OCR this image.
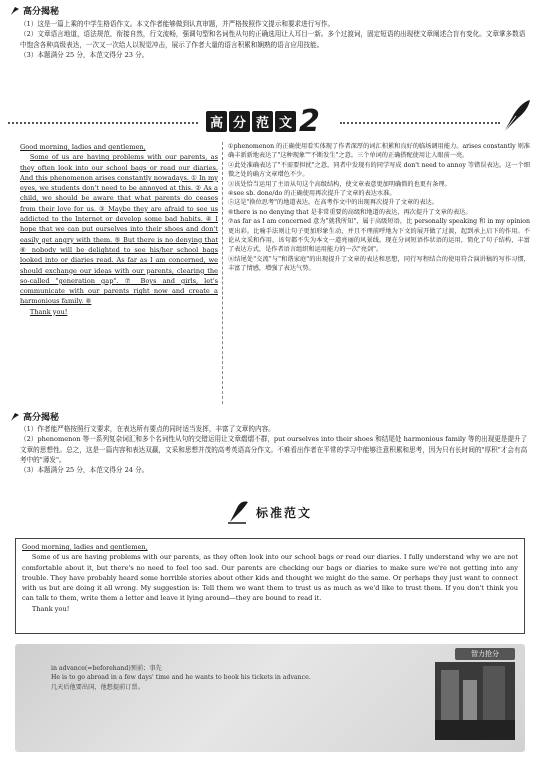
高分揭秘

（1）这是一篇上乘的中学生格语作文。本文作者能够做到认真审题，并严格按照作文提示和要求进行写作。

（2）文章语言地道，语法规范，衔接自然，行文流畅，强调句型和名词性从句的正确选用让人耳目一新。多个过渡词，固定短语的出现使文章阐述合盲有变化。文章掌多数语中饱含各种高级表达，一次又一次给人以视觉冲击，展示了作者大量的语言积累和娴熟的语言应用技能。

（3）本题满分 25 分，本范文得分 23 分。

高 分 范 文 2

Good morning, ladies and gentlemen,

Some of us are having problems with our parents, as they often look into our school bags or read our diaries. And this phenomenon arises constantly nowadays. ① In my eyes, we students don't need to be annoyed at this. ② As a child, we should be aware that what parents do ceases from their love for us. ③ Maybe they are afraid to see us addicted to the Internet or develop some bad habits. ④ I hope that we can put ourselves into their shoes and don't easily get angry with them. ⑤ But there is no denying that ⑥ nobody will be delighted to see his/her school bags looked into or diaries read. As far as I am concerned, we should exchange our ideas with our parents, clearing the so-called "generation gap". ⑦ Boys and girls, let's communicate with our parents right now and create a harmonious family. ⑧

Thank you!

①phenomenon 的正确使用看实体现了作者深厚的词汇积累和良好的临场调用能力。arises constantly 则准确丰新新地表达了"这种现象""不断发生"之意。三个单词的正确搭配使用让人眼前一亮。

②此处准确表达了"不需要担扰"之意，同者中发现有的同学写成 don't need to annoy 等错误表达。这一个细微之处的确方文章增色不少。

③该处恰当运用了主语从句这个高级结构，使文章表意更加明确简的也更有条理。

④see sb. done/do 的正确使用再次提升了文章的表达水准。

⑤这是"换位思考"的地道表达。在高考作文中的出现再次提升了文章的表达。

⑥there is no denying that 是非常重要的高级和地道的表达，再次提升了文章的表达。

⑦as far as I am concerned 意为"就我所知"，属于高级短语，比 personally speaking 和 in my opinion 更出彩。比喻手法则让句子更加形象生动，并且不理前呼地为下文的展开做了过渡，起到承上启下的作用。不论从文采和作用，该句都不失为本文一道亮丽的风景线。现在分词短语作状语的运用，简化了句子结构，丰富了表达方式，是作者语言组织和运用能力的一次"亮剑"。

⑧结尾处"交流"与"和谐家庭"的出现提升了文章的表达和思想，同行写程结合的使用符合演讲稿的写作习惯，丰富了情感，增强了表达气势。

高分揭秘

（1）作者能严格按照行文要求，在表达所有要点的同时适当发挥，丰富了文章的内容。

（2）phenomenon 等一系列复杂词汇和多个名词性从句的交错运用让文章熠熠不群，put ourselves into their shoes 和结尾处 harmonious family 等的出现更是提升了文章的思想性。总之，这是一篇内容和表达双赢，文采和思想并茂的高考英语高分作文。不难看出作者在平常的学习中能够注意积累和思考，因为只有长时间的"厚积"才会有高考中的"薄发"。

（3）本题满分 25 分，本范文得分 24 分。

标准范文

Good morning, ladies and gentlemen,

Some of us are having problems with our parents, as they often look into our school bags or read our diaries. I fully understand why we are not comfortable about it, but there's no need to feel too sad. Our parents are checking our bags or diaries to make sure we're not getting into any trouble. They have probably heard some horrible stories about other kids and thought we might do the same. Or perhaps they just want to connect with us but are doing it all wrong. My suggestion is: Tell them we want them to trust us as much as we'd like to trust them. If you don't think you can talk to them, write them a letter and leave it lying around—they are bound to read it.

Thank you!

智力抢分

in advance(=beforehand)预前；事先

He is to go abroad in a few days' time and he wants to book his tickets in advance.

几天后他要出国，他想提前订票。
